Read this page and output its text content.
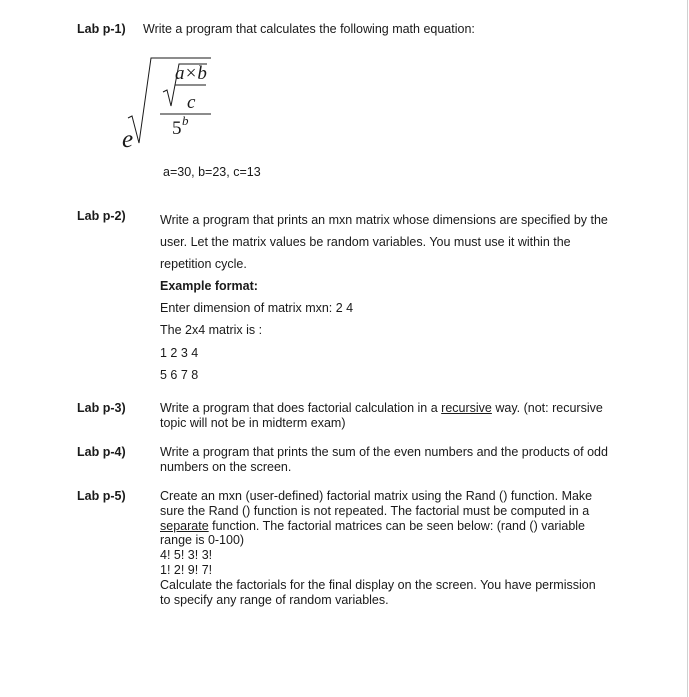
Lab p-1) Write a program that calculates the following math equation:
e
a×b
c
5 b
a=30, b=23, c=13
Lab p-2)	Write a program that prints an mxn matrix whose dimensions are specified by the user. Let the matrix values be random variables. You must use it within the repetition cycle.

Example format:

Enter dimension of matrix mxn: 2 4

The 2x4 matrix is :

1 2 3 4

5 6 7 8

Lab p-3)	Write a program that does factorial calculation in a recursive way. (not: recursive topic will not be in midterm exam)

Lab p-4)	Write a program that prints the sum of the even numbers and the products of odd numbers on the screen.

Lab p-5)	Create an mxn (user-defined) factorial matrix using the Rand () function. Make sure the Rand () function is not repeated. The factorial must be computed in a separate function. The factorial matrices can be seen below: (rand () variable range is 0-100)

4! 5! 3! 3!

1! 2! 9! 7!

Calculate the factorials for the final display on the screen. You have permission to specify any range of random variables.
